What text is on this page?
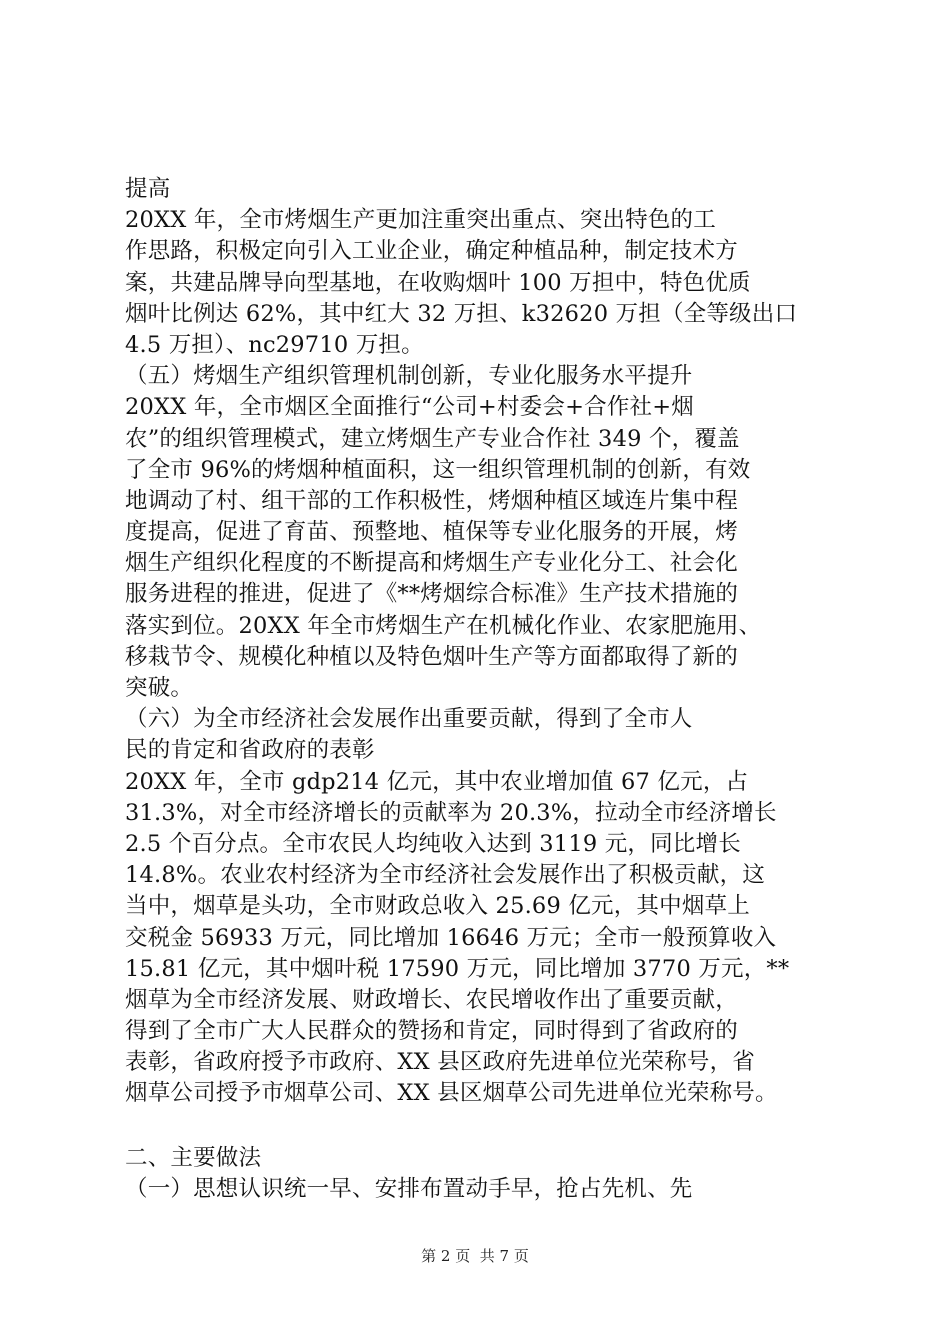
提高
20XX 年，全市烤烟生产更加注重突出重点、突出特色的工
作思路，积极定向引入工业企业，确定种植品种，制定技术方
案，共建品牌导向型基地，在收购烟叶 100 万担中，特色优质
烟叶比例达 62%，其中红大 32 万担、k32620 万担（全等级出口
4.5 万担）、nc29710 万担。
（五）烤烟生产组织管理机制创新，专业化服务水平提升
20XX 年，全市烟区全面推行“公司+村委会+合作社+烟
农”的组织管理模式，建立烤烟生产专业合作社 349 个，覆盖
了全市 96%的烤烟种植面积，这一组织管理机制的创新，有效
地调动了村、组干部的工作积极性，烤烟种植区域连片集中程
度提高，促进了育苗、预整地、植保等专业化服务的开展，烤
烟生产组织化程度的不断提高和烤烟生产专业化分工、社会化
服务进程的推进，促进了《**烤烟综合标准》生产技术措施的
落实到位。20XX 年全市烤烟生产在机械化作业、农家肥施用、
移栽节令、规模化种植以及特色烟叶生产等方面都取得了新的
突破。
（六）为全市经济社会发展作出重要贡献，得到了全市人
民的肯定和省政府的表彰
20XX 年，全市 gdp214 亿元，其中农业增加值 67 亿元，占
31.3%，对全市经济增长的贡献率为 20.3%，拉动全市经济增长
2.5 个百分点。全市农民人均纯收入达到 3119 元，同比增长
14.8%。农业农村经济为全市经济社会发展作出了积极贡献，这
当中，烟草是头功，全市财政总收入 25.69 亿元，其中烟草上
交税金 56933 万元，同比增加 16646 万元；全市一般预算收入
15.81 亿元，其中烟叶税 17590 万元，同比增加 3770 万元，**
烟草为全市经济发展、财政增长、农民增收作出了重要贡献，
得到了全市广大人民群众的赞扬和肯定，同时得到了省政府的
表彰，省政府授予市政府、XX 县区政府先进单位光荣称号，省
烟草公司授予市烟草公司、XX 县区烟草公司先进单位光荣称号。
二、主要做法
（一）思想认识统一早、安排布置动手早，抢占先机、先
第 2 页  共 7 页
